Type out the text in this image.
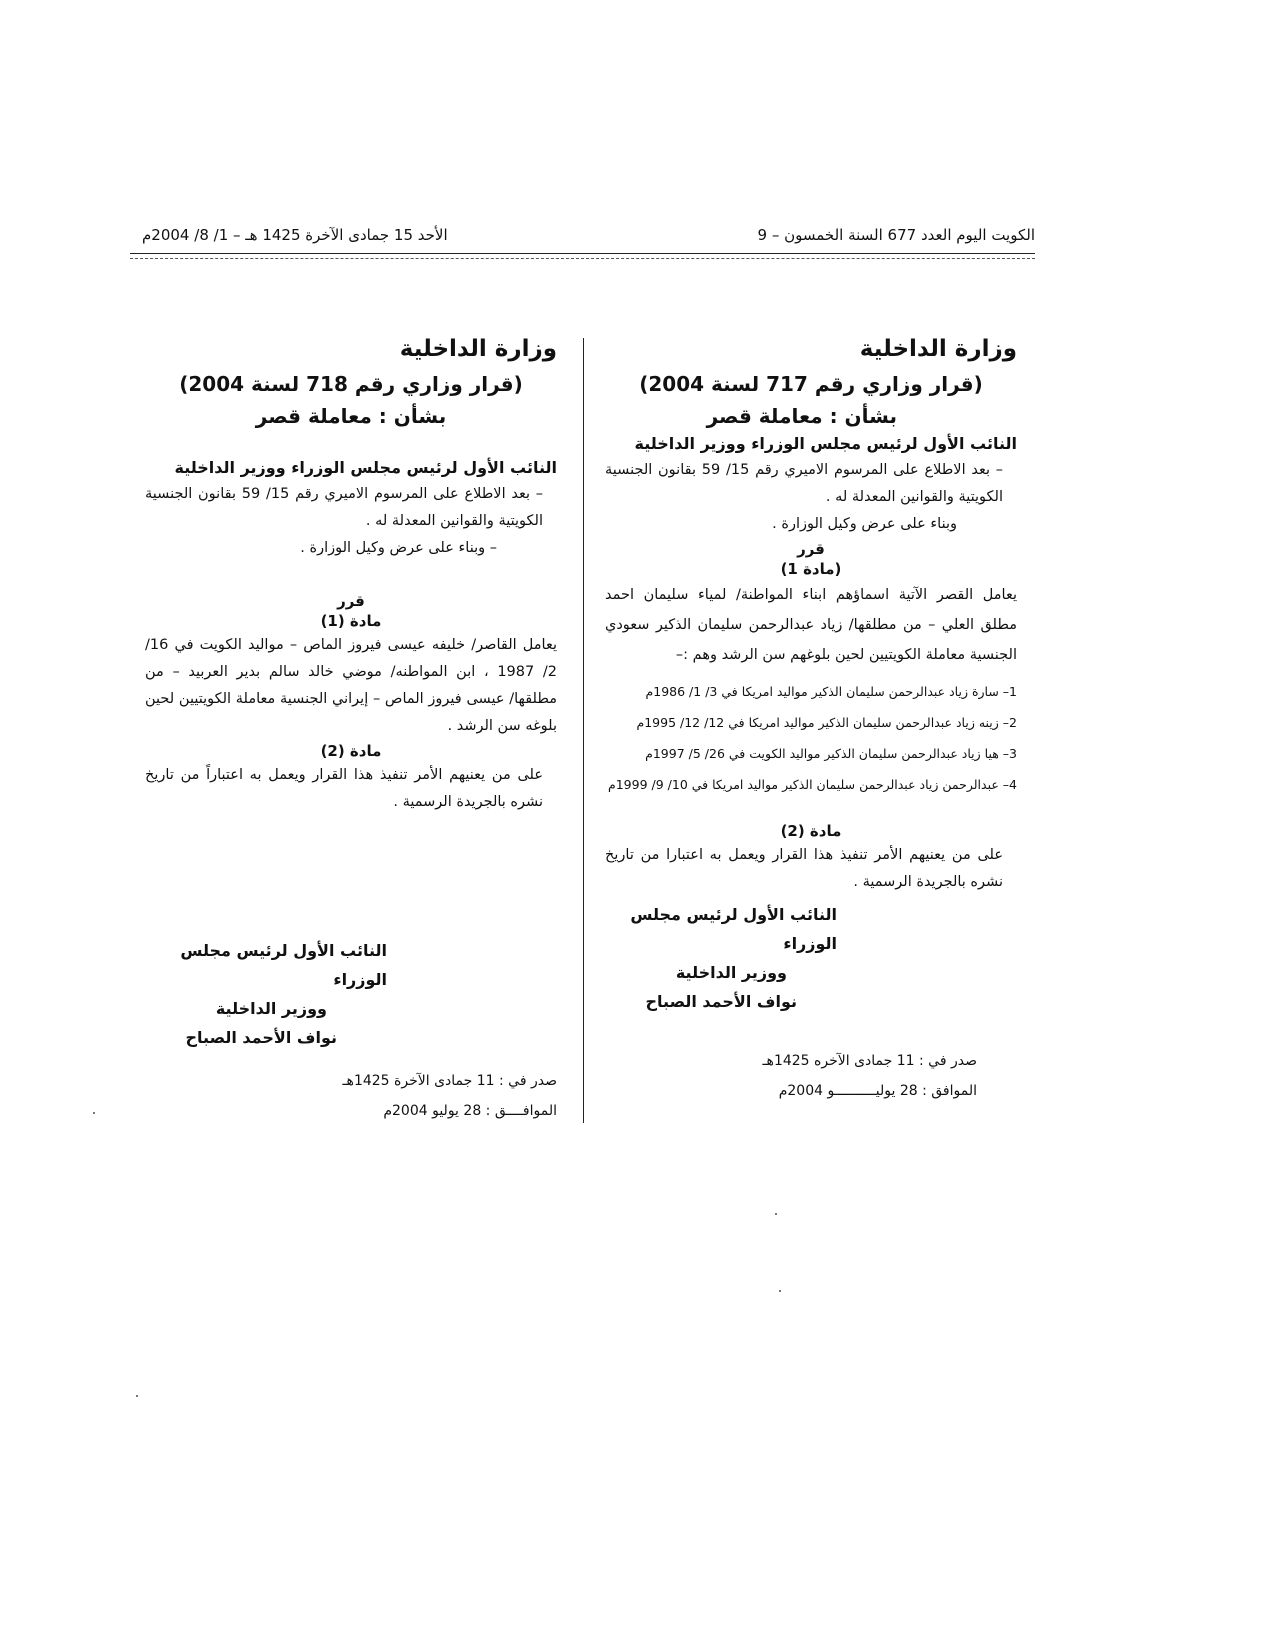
الكويت اليوم العدد 677 السنة الخمسون – 9
الأحد 15 جمادى الآخرة 1425 هـ – 1/ 8/ 2004م
وزارة الداخلية
(قرار وزاري رقم 717 لسنة 2004)
بشأن : معاملة قصر
النائب الأول لرئيس مجلس الوزراء ووزير الداخلية

– بعد الاطلاع على المرسوم الاميري رقم 15/ 59 بقانون الجنسية الكويتية والقوانين المعدلة له .

وبناء على عرض وكيل الوزارة .

قرر
(مادة 1)

يعامل القصر الآتية اسماؤهم ابناء المواطنة/ لمياء سليمان احمد مطلق العلي – من مطلقها/ زياد عبدالرحمن سليمان الذكير سعودي الجنسية معاملة الكويتيين لحين بلوغهم سن الرشد وهم :–

1– سارة زياد عبدالرحمن سليمان الذكير مواليد امريكا في 3/ 1/ 1986م
2– زينه زياد عبدالرحمن سليمان الذكير مواليد امريكا في 12/ 12/ 1995م
3– هيا زياد عبدالرحمن سليمان الذكير مواليد الكويت في 26/ 5/ 1997م
4– عبدالرحمن زياد عبدالرحمن سليمان الذكير مواليد امريكا في 10/ 9/ 1999م
مادة (2)

على من يعنيهم الأمر تنفيذ هذا القرار ويعمل به اعتبارا من تاريخ نشره بالجريدة الرسمية .

النائب الأول لرئيس مجلس الوزراء
ووزير الداخلية
نواف الأحمد الصباح
صدر في : 11 جمادى الآخره 1425هـ
الموافق : 28 يوليــــــــــو 2004م
وزارة الداخلية
(قرار وزاري رقم 718 لسنة 2004)
بشأن : معاملة قصر
النائب الأول لرئيس مجلس الوزراء ووزير الداخلية

– بعد الاطلاع على المرسوم الاميري رقم 15/ 59 بقانون الجنسية الكويتية والقوانين المعدلة له .

– وبناء على عرض وكيل الوزارة .

قرر
مادة (1)

يعامل القاصر/ خليفه عيسى فيروز الماص – مواليد الكويت في 16/ 2/ 1987 ، ابن المواطنه/ موضي خالد سالم بدير العربيد – من مطلقها/ عيسى فيروز الماص – إيراني الجنسية معاملة الكويتيين لحين بلوغه سن الرشد .

مادة (2)

على من يعنيهم الأمر تنفيذ هذا القرار ويعمل به اعتباراً من تاريخ نشره بالجريدة الرسمية .

النائب الأول لرئيس مجلس الوزراء
ووزير الداخلية
نواف الأحمد الصباح
صدر في : 11 جمادى الآخرة 1425هـ
الموافــــق : 28 يوليو 2004م
